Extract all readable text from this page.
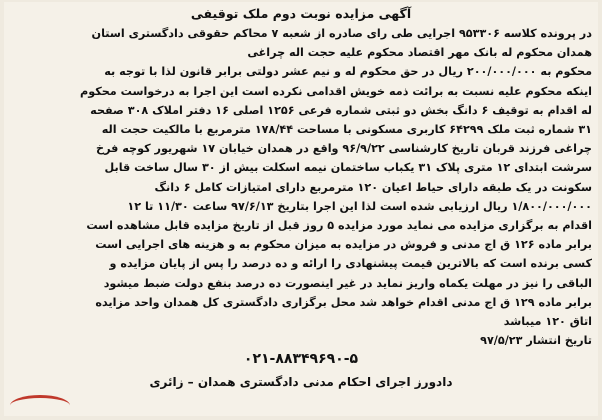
آگهی مزایده نوبت دوم ملک توقیفی
در پرونده کلاسه ۹۵۳۳۰۶ اجرایی طی رای صادره از شعبه ۷ محاکم حقوقی دادگستری استان
همدان محکوم له بانک مهر اقتصاد محکوم علیه حجت اله چراغی
محکوم به ۲۰۰/۰۰۰/۰۰۰ ریال در حق محکوم له و نیم عشر دولتی برابر قانون لذا با توجه به
اینکه محکوم علیه نسبت به برائت ذمه خویش اقدامی نکرده است این اجرا به درخواست محکوم
له اقدام به توقیف ۶ دانگ بخش دو ثبتی شماره فرعی ۱۲۵۶ اصلی ۱۶ دفتر املاک ۳۰۸ صفحه
۳۱ شماره ثبت ملک ۶۴۲۹۹ کاربری مسکونی با مساحت ۱۷۸/۴۴ مترمربع با مالکیت حجت اله
چراغی فرزند قربان تاریخ کارشناسی ۹۶/۹/۲۲ واقع در همدان خیابان ۱۷ شهریور کوچه فرخ
سرشت ابتدای ۱۲ متری پلاک ۳۱ یکباب ساختمان نیمه اسکلت بیش از ۳۰ سال ساخت قابل
سکونت در یک طبقه دارای حیاط اعیان ۱۲۰ مترمربع دارای امتیازات کامل ۶ دانگ
۱/۸۰۰/۰۰۰/۰۰۰ ریال ارزیابی شده است لذا این اجرا بتاریخ ۹۷/۶/۱۳ ساعت ۱۱/۳۰ تا ۱۲
اقدام به برگزاری مزایده می نماید مورد مزایده ۵ روز قبل از تاریخ مزایده قابل مشاهده است
برابر ماده ۱۲۶ ق اج مدنی و فروش در مزایده به میزان محکوم به و هزینه های اجرایی است
کسی برنده است که بالاترین قیمت پیشنهادی را ارائه و ده درصد را پس از پایان مزایده و
الباقی را نیز در مهلت یکماه واریز نماید در غیر اینصورت ده درصد بنفع دولت ضبط میشود
برابر ماده ۱۲۹ ق اج مدنی اقدام خواهد شد محل برگزاری دادگستری کل همدان واحد مزایده
اتاق ۱۲۰ میباشد
تاریخ انتشار ۹۷/۵/۲۳
۰۲۱-۸۸۳۴۹۶۹۰-۵
دادورز اجرای احکام مدنی دادگستری همدان – زائری
